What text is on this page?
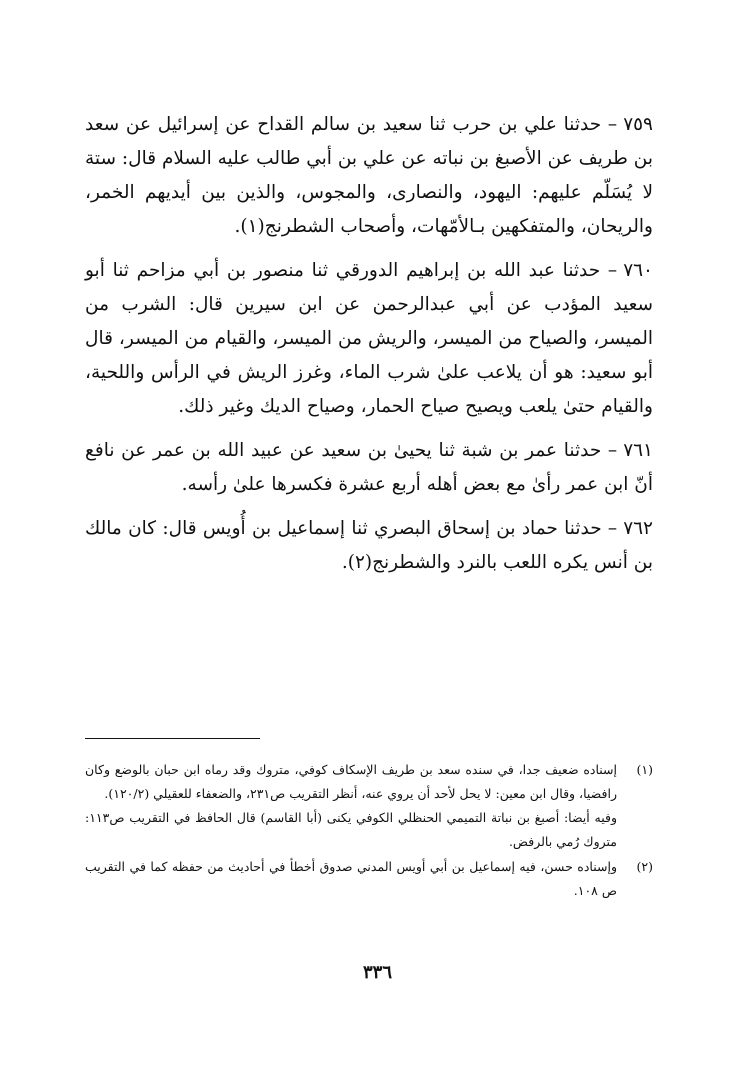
٧٥٩– حدثنا علي بن حرب ثنا سعيد بن سالم القداح عن إسرائيل عن سعد بن طريف عن الأصبغ بن نباته عن علي بن أبي طالب عليه السلام قال: ستة لا يُسَلّم عليهم: اليهود، والنصارى، والمجوس، والذين بين أيديهم الخمر، والريحان، والمتفكهين بـالأمّهات، وأصحاب الشطرنج(١).

٧٦٠– حدثنا عبد الله بن إبراهيم الدورقي ثنا منصور بن أبي مزاحم ثنا أبو سعيد المؤدب عن أبي عبدالرحمن عن ابن سيرين قال: الشرب من الميسر، والصياح من الميسر، والريش من الميسر، والقيام من الميسر، قال أبو سعيد: هو أن يلاعب علىٰ شرب الماء، وغرز الريش في الرأس واللحية، والقيام حتىٰ يلعب ويصيح صياح الحمار، وصياح الديك وغير ذلك.

٧٦١– حدثنا عمر بن شبة ثنا يحيىٰ بن سعيد عن عبيد الله بن عمر عن نافع أنّ ابن عمر رأىٰ مع بعض أهله أربع عشرة فكسرها علىٰ رأسه.

٧٦٢– حدثنا حماد بن إسحاق البصري ثنا إسماعيل بن أُويس قال: كان مالك بن أنس يكره اللعب بالنرد والشطرنج(٢).

(١)
إسناده ضعيف جدا، في سنده سعد بن طريف الإسكاف كوفي، متروك وقد رماه ابن حبان بالوضع وكان رافضيا، وقال ابن معين: لا يحل لأحد أن يروي عنه، أنظر التقريب ص٢٣١، والضعفاء للعقيلي (١٢٠/٢).
وفيه أيضا: أصبغ بن نباتة التميمي الحنظلي الكوفي يكنى (أبا القاسم) قال الحافظ في التقريب ص١١٣: متروك رُمي بالرفض.
(٢)
وإسناده حسن، فيه إسماعيل بن أبي أويس المدني صدوق أخطأ في أحاديث من حفظه كما في التقريب ص ١٠٨.
٣٣٦
